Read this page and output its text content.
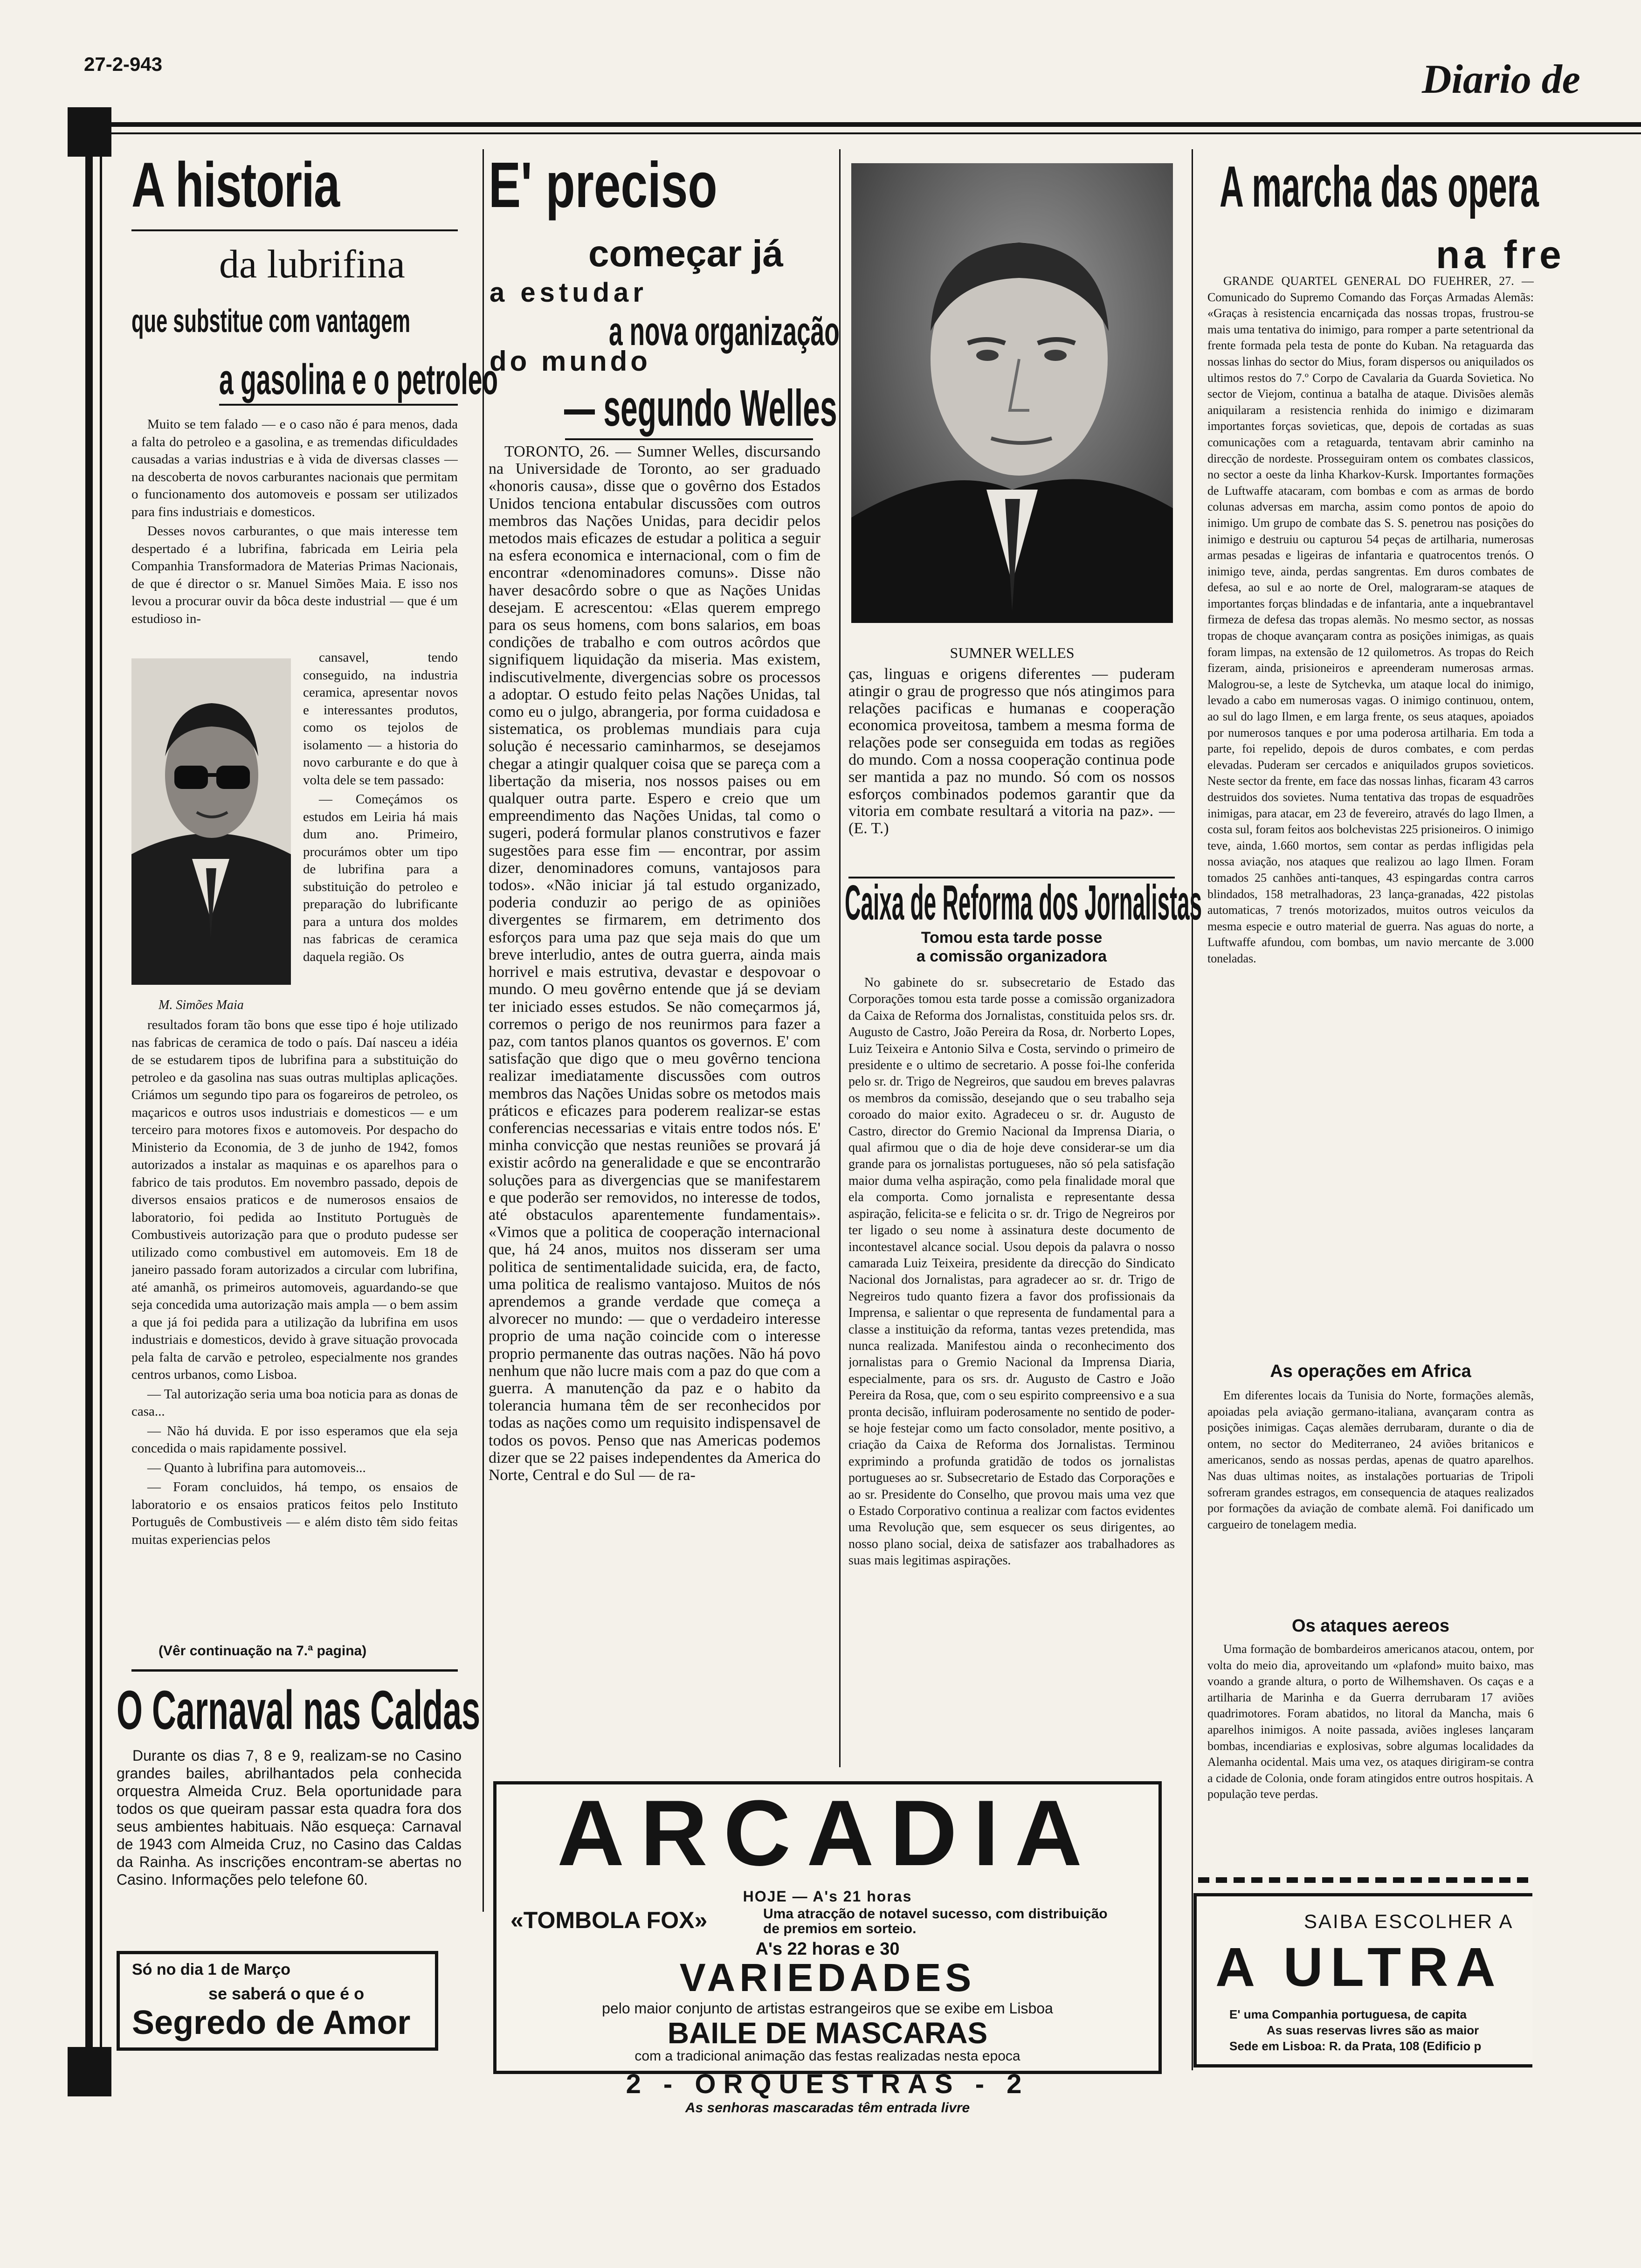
27-2-943	Diario de
A historia
da lubrifina
que substitue com vantagem
a gasolina e o petroleo

Muito se tem falado — e o caso não é para menos, dada a falta do petroleo e a gasolina, e as tremendas dificuldades causadas a varias industrias e à vida de diversas classes — na descoberta de novos carburantes nacionais que permitam o funcionamento dos automoveis e possam ser utilizados para fins industriais e domesticos.

Desses novos carburantes, o que mais interesse tem despertado é a lubrifina, fabricada em Leiria pela Companhia Transformadora de Materias Primas Nacionais, de que é director o sr. Manuel Simões Maia. E isso nos levou a procurar ouvir da bôca deste industrial — que é um estudioso in-

M. Simões Maia

cansavel, tendo conseguido, na industria ceramica, apresentar novos e interessantes produtos, como os tejolos de isolamento — a historia do novo carburante e do que à volta dele se tem passado:

— Começámos os estudos em Leiria há mais dum ano. Primeiro, procurámos obter um tipo de lubrifina para a substituição do petroleo e preparação do lubrificante para a untura dos moldes nas fabricas de ceramica daquela região. Os

resultados foram tão bons que esse tipo é hoje utilizado nas fabricas de ceramica de todo o país. Daí nasceu a idéia de se estudarem tipos de lubrifina para a substituição do petroleo e da gasolina nas suas outras multiplas aplicações. Criámos um segundo tipo para os fogareiros de petroleo, os maçaricos e outros usos industriais e domesticos — e um terceiro para motores fixos e automoveis. Por despacho do Ministerio da Economia, de 3 de junho de 1942, fomos autorizados a instalar as maquinas e os aparelhos para o fabrico de tais produtos. Em novembro passado, depois de diversos ensaios praticos e de numerosos ensaios de laboratorio, foi pedida ao Instituto Portuguès de Combustiveis autorização para que o produto pudesse ser utilizado como combustivel em automoveis. Em 18 de janeiro passado foram autorizados a circular com lubrifina, até amanhã, os primeiros automoveis, aguardando-se que seja concedida uma autorização mais ampla — o bem assim a que já foi pedida para a utilização da lubrifina em usos industriais e domesticos, devido à grave situação provocada pela falta de carvão e petroleo, especialmente nos grandes centros urbanos, como Lisboa.

— Tal autorização seria uma boa noticia para as donas de casa...

— Não há duvida. E por isso esperamos que ela seja concedida o mais rapidamente possivel.

— Quanto à lubrifina para automoveis...

— Foram concluidos, há tempo, os ensaios de laboratorio e os ensaios praticos feitos pelo Instituto Português de Combustiveis — e além disto têm sido feitas muitas experiencias pelos

(Vêr continuação na 7.ª pagina)
O Carnaval nas Caldas
Durante os dias 7, 8 e 9, realizam-se no Casino grandes bailes, abrilhantados pela conhecida orquestra Almeida Cruz. Bela oportunidade para todos os que queiram passar esta quadra fora dos seus ambientes habituais. Não esqueça: Carnaval de 1943 com Almeida Cruz, no Casino das Caldas da Rainha. As inscrições encontram-se abertas no Casino. Informações pelo telefone 60.
Só no dia 1 de Março
se saberá o que é o
Segredo de Amor
E' preciso
começar já
a estudar
a nova organização
do mundo
— segundo Welles
TORONTO, 26. — Sumner Welles, discursando na Universidade de Toronto, ao ser graduado «honoris causa», disse que o govêrno dos Estados Unidos tenciona entabular discussões com outros membros das Nações Unidas, para decidir pelos metodos mais eficazes de estudar a politica a seguir na esfera economica e internacional, com o fim de encontrar «denominadores comuns». Disse não haver desacôrdo sobre o que as Nações Unidas desejam. E acrescentou: «Elas querem emprego para os seus homens, com bons salarios, em boas condições de trabalho e com outros acôrdos que signifiquem liquidação da miseria. Mas existem, indiscutivelmente, divergencias sobre os processos a adoptar. O estudo feito pelas Nações Unidas, tal como eu o julgo, abrangeria, por forma cuidadosa e sistematica, os problemas mundiais para cuja solução é necessario caminharmos, se desejamos chegar a atingir qualquer coisa que se pareça com a libertação da miseria, nos nossos paises ou em qualquer outra parte. Espero e creio que um empreendimento das Nações Unidas, tal como o sugeri, poderá formular planos construtivos e fazer sugestões para esse fim — encontrar, por assim dizer, denominadores comuns, vantajosos para todos». «Não iniciar já tal estudo organizado, poderia conduzir ao perigo de as opiniões divergentes se firmarem, em detrimento dos esforços para uma paz que seja mais do que um breve interludio, antes de outra guerra, ainda mais horrivel e mais estrutiva, devastar e despovoar o mundo. O meu govêrno entende que já se deviam ter iniciado esses estudos. Se não começarmos já, corremos o perigo de nos reunirmos para fazer a paz, com tantos planos quantos os governos. E' com satisfação que digo que o meu govêrno tenciona realizar imediatamente discussões com outros membros das Nações Unidas sobre os metodos mais práticos e eficazes para poderem realizar-se estas conferencias necessarias e vitais entre todos nós. E' minha convicção que nestas reuniões se provará já existir acôrdo na generalidade e que se encontrarão soluções para as divergencias que se manifestarem e que poderão ser removidos, no interesse de todos, até obstaculos aparentemente fundamentais». «Vimos que a politica de cooperação internacional que, há 24 anos, muitos nos disseram ser uma politica de sentimentalidade suicida, era, de facto, uma politica de realismo vantajoso. Muitos de nós aprendemos a grande verdade que começa a alvorecer no mundo: — que o verdadeiro interesse proprio de uma nação coincide com o interesse proprio permanente das outras nações. Não há povo nenhum que não lucre mais com a paz do que com a guerra. A manutenção da paz e o habito da tolerancia humana têm de ser reconhecidos por todas as nações como um requisito indispensavel de todos os povos. Penso que nas Americas podemos dizer que se 22 paises independentes da America do Norte, Central e do Sul — de ra-
SUMNER WELLES
ças, linguas e origens diferentes — puderam atingir o grau de progresso que nós atingimos para relações pacificas e humanas e cooperação economica proveitosa, tambem a mesma forma de relações pode ser conseguida em todas as regiões do mundo. Com a nossa cooperação continua pode ser mantida a paz no mundo. Só com os nossos esforços combinados podemos garantir que da vitoria em combate resultará a vitoria na paz». — (E. T.)
Caixa de Reforma dos Jornalistas
Tomou esta tarde posse
a comissão organizadora
No gabinete do sr. subsecretario de Estado das Corporações tomou esta tarde posse a comissão organizadora da Caixa de Reforma dos Jornalistas, constituida pelos srs. dr. Augusto de Castro, João Pereira da Rosa, dr. Norberto Lopes, Luiz Teixeira e Antonio Silva e Costa, servindo o primeiro de presidente e o ultimo de secretario. A posse foi-lhe conferida pelo sr. dr. Trigo de Negreiros, que saudou em breves palavras os membros da comissão, desejando que o seu trabalho seja coroado do maior exito. Agradeceu o sr. dr. Augusto de Castro, director do Gremio Nacional da Imprensa Diaria, o qual afirmou que o dia de hoje deve considerar-se um dia grande para os jornalistas portugueses, não só pela satisfação maior duma velha aspiração, como pela finalidade moral que ela comporta. Como jornalista e representante dessa aspiração, felicita-se e felicita o sr. dr. Trigo de Negreiros por ter ligado o seu nome à assinatura deste documento de incontestavel alcance social. Usou depois da palavra o nosso camarada Luiz Teixeira, presidente da direcção do Sindicato Nacional dos Jornalistas, para agradecer ao sr. dr. Trigo de Negreiros tudo quanto fizera a favor dos profissionais da Imprensa, e salientar o que representa de fundamental para a classe a instituição da reforma, tantas vezes pretendida, mas nunca realizada. Manifestou ainda o reconhecimento dos jornalistas para o Gremio Nacional da Imprensa Diaria, especialmente, para os srs. dr. Augusto de Castro e João Pereira da Rosa, que, com o seu espirito compreensivo e a sua pronta decisão, influiram poderosamente no sentido de poder-se hoje festejar como um facto consolador, mente positivo, a criação da Caixa de Reforma dos Jornalistas. Terminou exprimindo a profunda gratidão de todos os jornalistas portugueses ao sr. Subsecretario de Estado das Corporações e ao sr. Presidente do Conselho, que provou mais uma vez que o Estado Corporativo continua a realizar com factos evidentes uma Revolução que, sem esquecer os seus dirigentes, ao nosso plano social, deixa de satisfazer aos trabalhadores as suas mais legitimas aspirações.
ARCADIA
HOJE — A's 21 horas
«TOMBOLA FOX»	Uma atracção de notavel sucesso, com distribuição de premios em sorteio.
A's 22 horas e 30
VARIEDADES
pelo maior conjunto de artistas estrangeiros que se exibe em Lisboa
BAILE DE MASCARAS
com a tradicional animação das festas realizadas nesta epoca
2 - ORQUESTRAS - 2
As senhoras mascaradas têm entrada livre
A marcha das opera
na fre
GRANDE QUARTEL GENERAL DO FUEHRER, 27. — Comunicado do Supremo Comando das Forças Armadas Alemãs: «Graças à resistencia encarniçada das nossas tropas, frustrou-se mais uma tentativa do inimigo, para romper a parte setentrional da frente formada pela testa de ponte do Kuban. Na retaguarda das nossas linhas do sector do Mius, foram dispersos ou aniquilados os ultimos restos do 7.º Corpo de Cavalaria da Guarda Sovietica. No sector de Viejom, continua a batalha de ataque. Divisões alemãs aniquilaram a resistencia renhida do inimigo e dizimaram importantes forças sovieticas, que, depois de cortadas as suas comunicações com a retaguarda, tentavam abrir caminho na direcção de nordeste. Prosseguiram ontem os combates classicos, no sector a oeste da linha Kharkov-Kursk. Importantes formações de Luftwaffe atacaram, com bombas e com as armas de bordo colunas adversas em marcha, assim como pontos de apoio do inimigo. Um grupo de combate das S. S. penetrou nas posições do inimigo e destruiu ou capturou 54 peças de artilharia, numerosas armas pesadas e ligeiras de infantaria e quatrocentos trenós. O inimigo teve, ainda, perdas sangrentas. Em duros combates de defesa, ao sul e ao norte de Orel, malograram-se ataques de importantes forças blindadas e de infantaria, ante a inquebrantavel firmeza de defesa das tropas alemãs. No mesmo sector, as nossas tropas de choque avançaram contra as posições inimigas, as quais foram limpas, na extensão de 12 quilometros. As tropas do Reich fizeram, ainda, prisioneiros e apreenderam numerosas armas. Malogrou-se, a leste de Sytchevka, um ataque local do inimigo, levado a cabo em numerosas vagas. O inimigo continuou, ontem, ao sul do lago Ilmen, e em larga frente, os seus ataques, apoiados por numerosos tanques e por uma poderosa artilharia. Em toda a parte, foi repelido, depois de duros combates, e com perdas elevadas. Puderam ser cercados e aniquilados grupos sovieticos. Neste sector da frente, em face das nossas linhas, ficaram 43 carros destruidos dos sovietes. Numa tentativa das tropas de esquadrões inimigas, para atacar, em 23 de fevereiro, através do lago Ilmen, a costa sul, foram feitos aos bolchevistas 225 prisioneiros. O inimigo teve, ainda, 1.660 mortos, sem contar as perdas infligidas pela nossa aviação, nos ataques que realizou ao lago Ilmen. Foram tomados 25 canhões anti-tanques, 43 espingardas contra carros blindados, 158 metralhadoras, 23 lança-granadas, 422 pistolas automaticas, 7 trenós motorizados, muitos outros veiculos da mesma especie e outro material de guerra. Nas aguas do norte, a Luftwaffe afundou, com bombas, um navio mercante de 3.000 toneladas.
As operações em Africa
Em diferentes locais da Tunisia do Norte, formações alemãs, apoiadas pela aviação germano-italiana, avançaram contra as posições inimigas. Caças alemães derrubaram, durante o dia de ontem, no sector do Mediterraneo, 24 aviões britanicos e americanos, sendo as nossas perdas, apenas de quatro aparelhos. Nas duas ultimas noites, as instalações portuarias de Tripoli sofreram grandes estragos, em consequencia de ataques realizados por formações da aviação de combate alemã. Foi danificado um cargueiro de tonelagem media.
Os ataques aereos
Uma formação de bombardeiros americanos atacou, ontem, por volta do meio dia, aproveitando um «plafond» muito baixo, mas voando a grande altura, o porto de Wilhemshaven. Os caças e a artilharia de Marinha e da Guerra derrubaram 17 aviões quadrimotores. Foram abatidos, no litoral da Mancha, mais 6 aparelhos inimigos. A noite passada, aviões ingleses lançaram bombas, incendiarias e explosivas, sobre algumas localidades da Alemanha ocidental. Mais uma vez, os ataques dirigiram-se contra a cidade de Colonia, onde foram atingidos entre outros hospitais. A população teve perdas.
SAIBA ESCOLHER A
A ULTRA
E' uma Companhia portuguesa, de capita
As suas reservas livres são as maior
Sede em Lisboa: R. da Prata, 108 (Edificio p
